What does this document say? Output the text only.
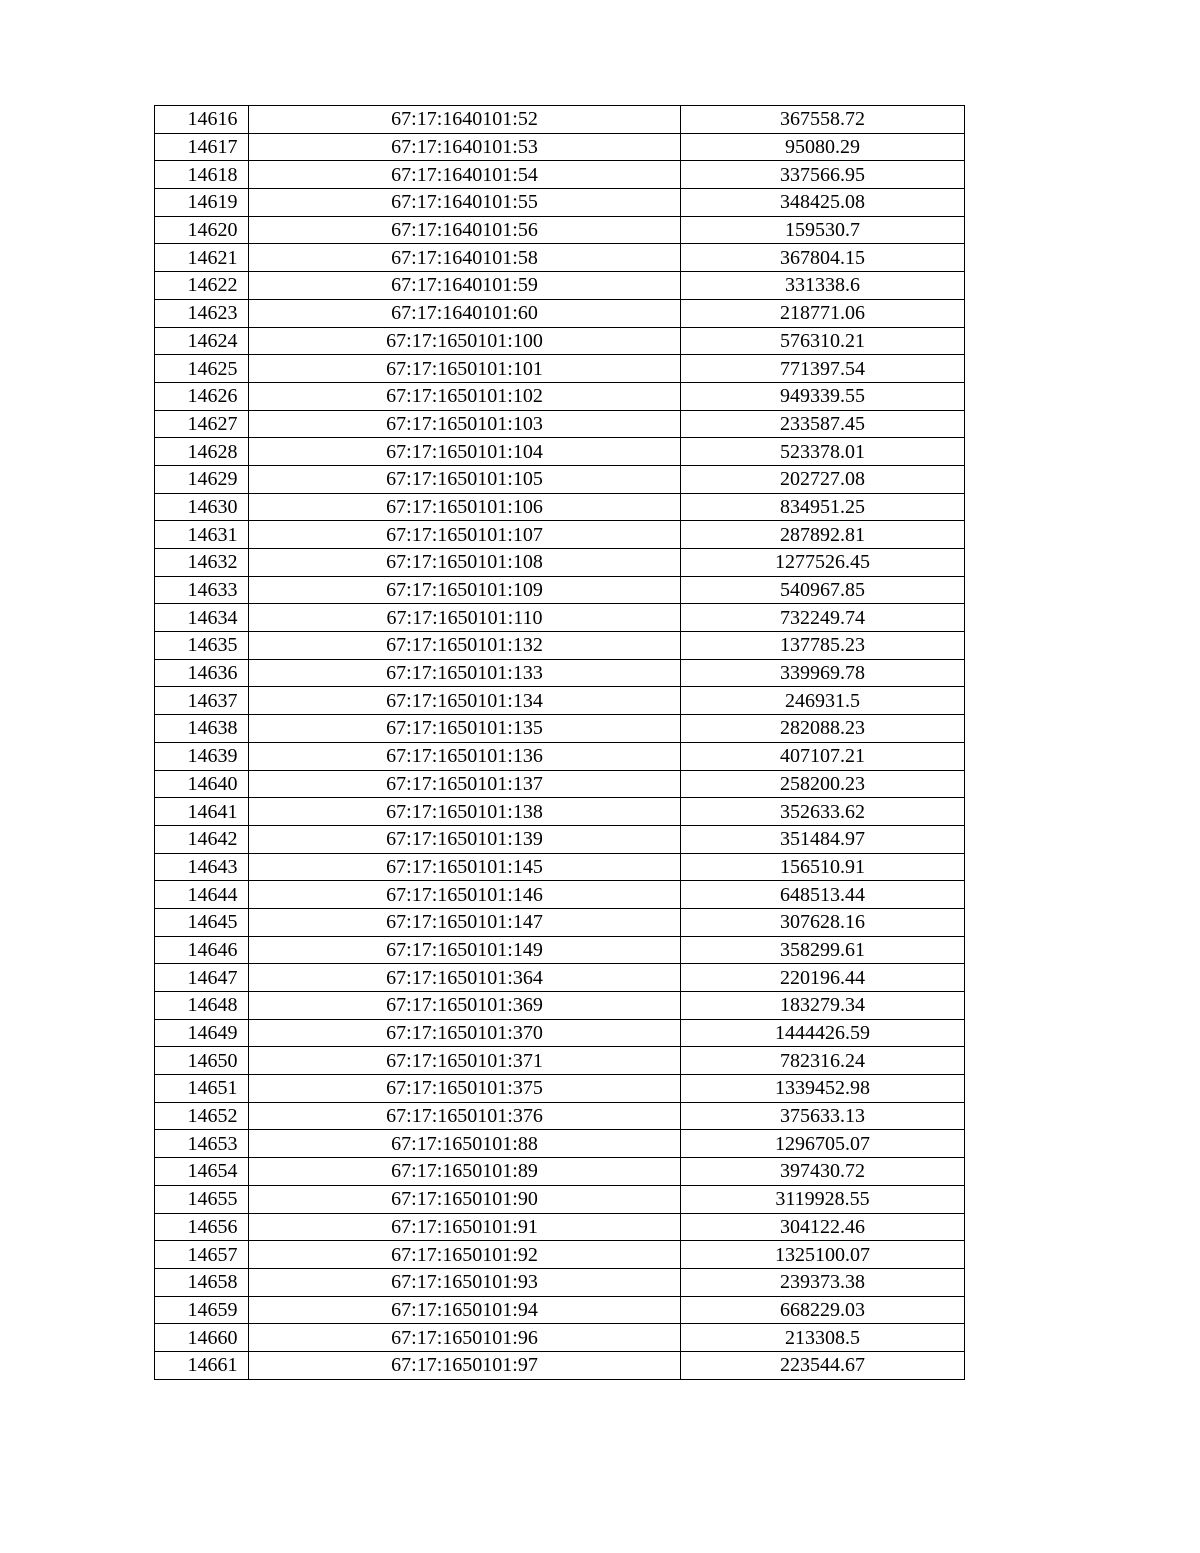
14616	67:17:1640101:52	367558.72
14617	67:17:1640101:53	95080.29
14618	67:17:1640101:54	337566.95
14619	67:17:1640101:55	348425.08
14620	67:17:1640101:56	159530.7
14621	67:17:1640101:58	367804.15
14622	67:17:1640101:59	331338.6
14623	67:17:1640101:60	218771.06
14624	67:17:1650101:100	576310.21
14625	67:17:1650101:101	771397.54
14626	67:17:1650101:102	949339.55
14627	67:17:1650101:103	233587.45
14628	67:17:1650101:104	523378.01
14629	67:17:1650101:105	202727.08
14630	67:17:1650101:106	834951.25
14631	67:17:1650101:107	287892.81
14632	67:17:1650101:108	1277526.45
14633	67:17:1650101:109	540967.85
14634	67:17:1650101:110	732249.74
14635	67:17:1650101:132	137785.23
14636	67:17:1650101:133	339969.78
14637	67:17:1650101:134	246931.5
14638	67:17:1650101:135	282088.23
14639	67:17:1650101:136	407107.21
14640	67:17:1650101:137	258200.23
14641	67:17:1650101:138	352633.62
14642	67:17:1650101:139	351484.97
14643	67:17:1650101:145	156510.91
14644	67:17:1650101:146	648513.44
14645	67:17:1650101:147	307628.16
14646	67:17:1650101:149	358299.61
14647	67:17:1650101:364	220196.44
14648	67:17:1650101:369	183279.34
14649	67:17:1650101:370	1444426.59
14650	67:17:1650101:371	782316.24
14651	67:17:1650101:375	1339452.98
14652	67:17:1650101:376	375633.13
14653	67:17:1650101:88	1296705.07
14654	67:17:1650101:89	397430.72
14655	67:17:1650101:90	3119928.55
14656	67:17:1650101:91	304122.46
14657	67:17:1650101:92	1325100.07
14658	67:17:1650101:93	239373.38
14659	67:17:1650101:94	668229.03
14660	67:17:1650101:96	213308.5
14661	67:17:1650101:97	223544.67
